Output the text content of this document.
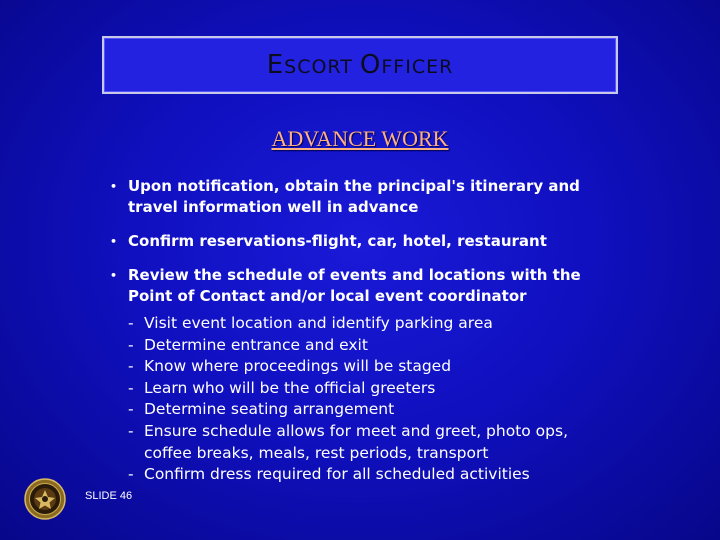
ESCORT OFFICER
ADVANCE WORK
• Upon notification, obtain the principal's itinerary and travel information well in advance
• Confirm reservations-flight, car, hotel, restaurant
• Review the schedule of events and locations with the Point of Contact and/or local event coordinator
- Visit event location and identify parking area
- Determine entrance and exit
- Know where proceedings will be staged
- Learn who will be the official greeters
- Determine seating arrangement
- Ensure schedule allows for meet and greet, photo ops, coffee breaks, meals, rest periods, transport
- Confirm dress required for all scheduled activities
SLIDE 46
